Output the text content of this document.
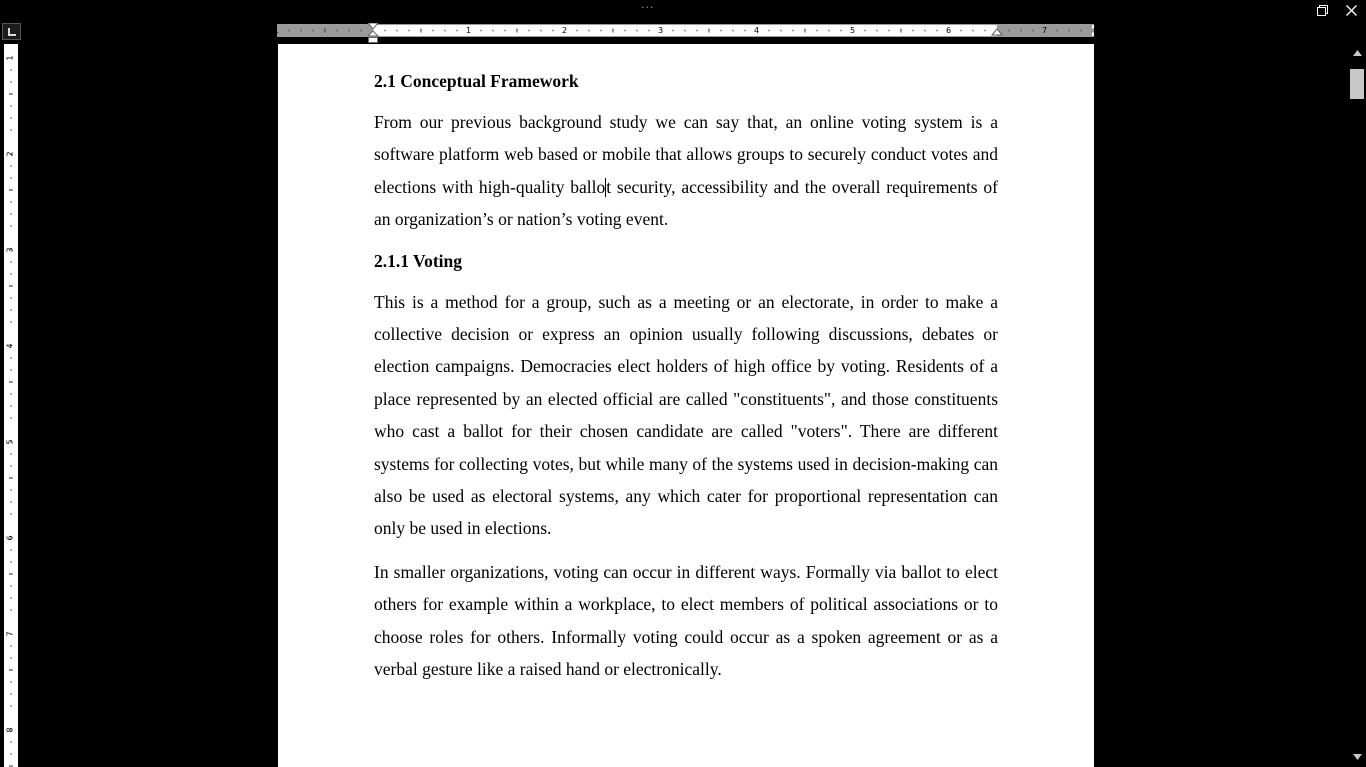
···
1	1	2	3	4	5	6	7
1
2
3
4
5
6
7
8
2.1 Conceptual Framework

From our previous background study we can say that, an online voting system is a software platform web based or mobile that allows groups to securely conduct votes and elections with high-quality ballot security, accessibility and the overall requirements of an organization’s or nation’s voting event.

2.1.1 Voting

This is a method for a group, such as a meeting or an electorate, in order to make a collective decision or express an opinion usually following discussions, debates or election campaigns. Democracies elect holders of high office by voting. Residents of a place represented by an elected official are called "constituents", and those constituents who cast a ballot for their chosen candidate are called "voters". There are different systems for collecting votes, but while many of the systems used in decision-making can also be used as electoral systems, any which cater for proportional representation can only be used in elections.

In smaller organizations, voting can occur in different ways. Formally via ballot to elect others for example within a workplace, to elect members of political associations or to choose roles for others. Informally voting could occur as a spoken agreement or as a verbal gesture like a raised hand or electronically.
